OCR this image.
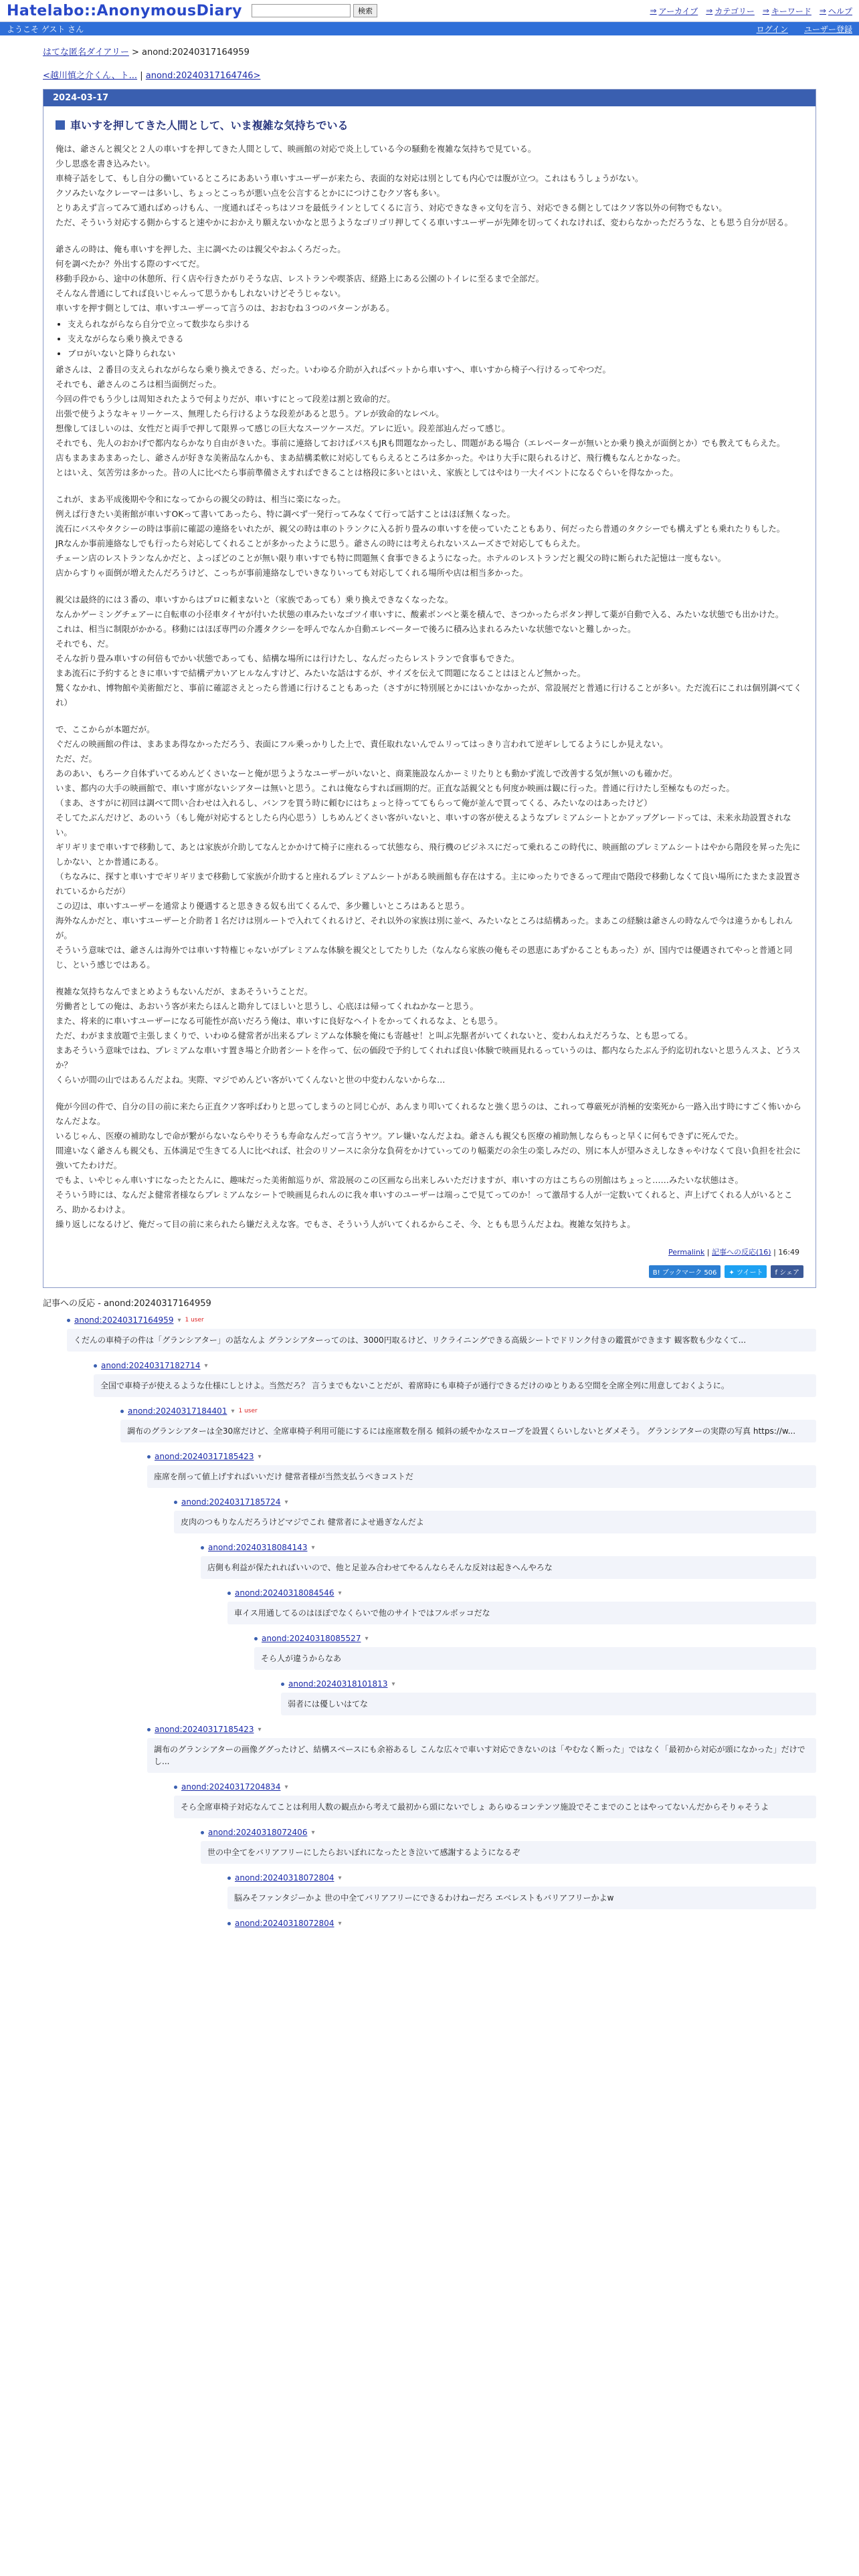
Hatelabo::AnonymousDiary	検索	⇒ アーカイブ ⇒ カテゴリー ⇒ キーワード ⇒ ヘルプ
ようこそ ゲスト さん	ログイン ユーザー登録
はてな匿名ダイアリー > anond:20240317164959
<越川慎之介くん、ト... | anond:20240317164746>
2024-03-17
車いすを押してきた人間として、いま複雑な気持ちでいる

俺は、爺さんと親父と２人の車いすを押してきた人間として、映画館の対応で炎上している今の騒動を複雑な気持ちで見ている。

少し思惑を書き込みたい。

車椅子話をして、もし自分の働いているところにああいう車いすユーザーが来たら、表面的な対応は別としても内心では腹が立つ。これはもうしょうがない。

クソみたいなクレーマーは多いし、ちょっとこっちが悪い点を公言するとかににつけこむクソ客も多い。

とりあえず言ってみて通ればめっけもん、一度通ればそっちはソコを最低ラインとしてくるに言う、対応できなきゃ文句を言う、対応できる側としてはクソ客以外の何物でもない。

ただ、そういう対応する側からすると速やかにおかえり願えないかなと思うようなゴリゴリ押してくる車いすユーザーが先陣を切ってくれなければ、変わらなかっただろうな、とも思う自分が居る。

爺さんの時は、俺も車いすを押した、主に調べたのは親父やおふくろだった。

何を調べたか？外出する際のすべてだ。

移動手段から、途中の休憩所、行く店や行きたがりそうな店、レストランや喫茶店、経路上にある公園のトイレに至るまで全部だ。

そんなん普通にしてれば良いじゃんって思うかもしれないけどそうじゃない。

車いすを押す側としては、車いすユーザーって言うのは、おおむね３つのパターンがある。

• 支えられながらなら自分で立って数歩なら歩ける
• 支えながらなら乗り換えできる
• ブロがいないと降りられない

爺さんは、２番目の支えられながらなら乗り換えできる、だった。いわゆる介助が入ればベットから車いすへ、車いすから椅子へ行けるってやつだ。

それでも、爺さんのころは相当面倒だった。

今回の件でもう少しは周知されたようで何よりだが、車いすにとって段差は割と致命的だ。

出張で使うようなキャリーケース、無理したら行けるような段差があると思う。アレが致命的なレベル。

想像してほしいのは、女性だと両手で押して限界って感じの巨大なスーツケースだ。アレに近い。段差部辿んだって感じ。

それでも、先人のおかげで都内ならかなり自由がきいた。事前に連絡しておけばバスもJRも問題なかったし、問題がある場合（エレベーターが無いとか乗り換えが面倒とか）でも教えてもらえた。

店もまあまあまあったし、爺さんが好きな美術品なんかも、まあ結構柔軟に対応してもらえるところは多かった。やはり大手に限られるけど、飛行機もなんとかなった。

とはいえ、気苦労は多かった。昔の人に比べたら事前準備さえすればできることは格段に多いとはいえ、家族としてはやはり一大イベントになるぐらいを得なかった。

これが、まあ平成後期や令和になってからの親父の時は、相当に楽になった。

例えば行きたい美術館が車いすOKって書いてあったら、特に調べず一発行ってみなくて行って話すことはほぼ無くなった。

流石にバスやタクシーの時は事前に確認の連絡をいれたが、親父の時は車のトランクに入る折り畳みの車いすを使っていたこともあり、何だったら普通のタクシーでも構えずとも乗れたりもした。

JRなんか事前連絡なしでも行ったら対応してくれることが多かったように思う。爺さんの時には考えられないスムーズさで対応してもらえた。

チェーン店のレストランなんかだと、よっぽどのことが無い限り車いすでも特に問題無く食事できるようになった。ホテルのレストランだと親父の時に断られた記憶は一度もない。

店からすりゃ面倒が増えたんだろうけど、こっちが事前連絡なしでいきなりいっても対応してくれる場所や店は相当多かった。

親父は最終的には３番の、車いすからはプロに頼まないと（家族であっても）乗り換えできなくなったな。

なんかゲーミングチェアーに自転車の小径車タイヤが付いた状態の車みたいなゴツイ車いすに、酸素ボンベと薬を積んで、さつかったらボタン押して薬が自動で入る、みたいな状態でも出かけた。

これは、相当に制限がかかる。移動にはほぼ専門の介護タクシーを呼んでなんか自動エレベーターで後ろに積み込まれるみたいな状態でないと難しかった。

それでも、だ。

そんな折り畳み車いすの何倍もでかい状態であっても、結構な場所には行けたし、なんだったらレストランで食事もできた。

まあ流石に予約するときに車いすで結構デカいアヒルなんすけど、みたいな話はするが、サイズを伝えて問題になることはほとんど無かった。

驚くなかれ、博物館や美術館だと、事前に確認さえとったら普通に行けることもあった（さすがに特別展とかにはいかなかったが、常設展だと普通に行けることが多い。ただ流石にこれは個別調べてくれ）

で、ここからが本題だが。

ぐだんの映画館の件は、まあまあ得なかっただろう、表面にフル乗っかりした上で、責任取れないんでムリってはっきり言われて逆ギレしてるようにしか見えない。

ただ、だ。

あのあい、もろーク自体ずいてるめんどくさいなーと俺が思うようなユーザーがいないと、商業施設なんかーミリたりとも動かず流しで改善する気が無いのも確かだ。

いま、都内の大手の映画館で、車いす席がないシアターは無いと思う。これは俺ならすれば画期的だ。正直な話親父とも何度か映画は観に行った。普通に行けたし至極なものだった。

（まあ、さすがに初回は調べて問い合わせは入れるし、バンフを買う時に頼むにはちょっと待っててもらって俺が並んで買ってくる、みたいなのはあったけど）

そしてたぶんだけど、あのいう（もし俺が対応するとしたら内心思う）しちめんどくさい客がいないと、車いすの客が使えるようなプレミアムシートとかアップグレードっては、未来永劫設置されない。

ギリギリまで車いすで移動して、あとは家族が介助してなんとかかけて椅子に座れるって状態なら、飛行機のビジネスにだって乗れるこの時代に、映画館のプレミアムシートはやから階段を昇った先にしかない、とか普通にある。

（ちなみに、探すと車いすでギリギリまで移動して家族が介助すると座れるプレミアムシートがある映画館も存在はする。主にゆったりできるって理由で階段で移動しなくて良い場所にたまたま設置されているからだが）

この辺は、車いすユーザーを通常より優遇すると思ききる奴も出てくるんで、多少難しいところはあると思う。

海外なんかだと、車いすユーザーと介助者１名だけは別ルートで入れてくれるけど、それ以外の家族は別に並べ、みたいなところは結構あった。まあこの経験は爺さんの時なんで今は違うかもしれんが。

そういう意味では、爺さんは海外では車いす特権じゃないがプレミアムな体験を親父としてたりした（なんなら家族の俺もその恩恵にあずかることもあった）が、国内では優遇されてやっと普通と同じ、という感じではある。

複雑な気持ちなんでまとめようもないんだが、まあそういうことだ。

労働者としての俺は、あおいう客が来たらほんと勘弁してほしいと思うし、心底ほは帰ってくれねかなーと思う。

また、将来的に車いすユーザーになる可能性が高いだろう俺は、車いすに良好なヘイトをかってくれるなよ、とも思う。

ただ、わがまま放題で主張しまくりで、いわゆる健常者が出来るプレミアムな体験を俺にも寄越せ！と叫ぶ先駆者がいてくれないと、変わんねえだろうな、とも思ってる。

まあそういう意味ではね、プレミアムな車いす置き場と介助者シートを作って、伝の価段で予約してくれれば良い体験で映画見れるっていうのは、都内ならたぶん予約迄切れないと思うんスよ、どうスか？

くらいが間の山ではあるんだよね。実際、マジでめんどい客がいてくんないと世の中変わんないからな…

俺が今回の件で、自分の目の前に来たら正直クソ客呼ばわりと思ってしまうのと同じ心が、あんまり叩いてくれるなと強く思うのは、これって尊厳死が消極的安楽死から一路入出す時にすごく怖いからなんだよな。

いるじゃん、医療の補助なしで命が繋がらないならやりそうも寿命なんだって言うヤツ。アレ嫌いなんだよね。爺さんも親父も医療の補助無しならもっと早くに何もできずに死んでた。

間違いなく爺さんも親父も、五体満足で生きてる人に比べれば、社会のリソースに余分な負荷をかけていってのり幅薬だの余生の楽しみだの、別に本人が望みさえしなきゃやけなくて良い負担を社会に強いてたわけだ。

でもよ、いやじゃん車いすになったとたんに、趣味だった美術館巡りが、常設展のこの区画なら出来しみいただけますが、車いすの方はこちらの別館はちょっと……みたいな状態はさ。

そういう時には、なんだよ健常者様ならプレミアムなシートで映画見られんのに我々車いすのユーザーは端っこで見てってのか！って激昂する人が一定数いてくれると、声上げてくれる人がいるところ、助かるわけよ。

繰り返しになるけど、俺だって目の前に来られたら嫌だええな客。でもさ、そういう人がいてくれるからこそ、今、ともも思うんだよね。複雑な気持ちよ。

Permalink | 記事への反応(16) | 16:49
B! ブックマーク 506	✦ ツイート	f シェア
記事への反応 - anond:20240317164959
anond:20240317164959 ▾ 1 user
くだんの車椅子の件は「グランシアター」の話なんよ グランシアターってのは、3000円取るけど、リクライニングできる高級シートでドリンク付きの鑑賞ができます 観客数も少なくて...
anond:20240317182714 ▾
全国で車椅子が使えるような仕様にしとけよ。当然だろ？ 言うまでもないことだが、着席時にも車椅子が通行できるだけのゆとりある空間を全席全列に用意しておくように。
anond:20240317184401 ▾ 1 user
調布のグランシアターは全30席だけど、全席車椅子利用可能にするには座席数を削る 傾斜の緩やかなスロープを設置くらいしないとダメそう。 グランシアターの実際の写真 https://w...
anond:20240317185423 ▾
座席を削って値上げすればいいだけ 健常者様が当然支払うべきコストだ
anond:20240317185724 ▾
皮肉のつもりなんだろうけどマジでこれ 健常者によせ過ぎなんだよ
anond:20240318084143 ▾
店側も利益が保たれればいいので、他と足並み合わせてやるんならそんな反対は起きへんやろな
anond:20240318084546 ▾
車イス用通してるのはほぼでなくらいで他のサイトではフルボッコだな
anond:20240318085527 ▾
そら人が違うからなあ
anond:20240318101813 ▾
弱者には優しいはてな
anond:20240317185423 ▾
調布のグランシアターの画像ググったけど、結構スペースにも余裕あるし こんな広々で車いす対応できないのは「やむなく断った」ではなく「最初から対応が頭になかった」だけでし...
anond:20240317204834 ▾
そら全席車椅子対応なんてことは利用人数の観点から考えて最初から頭にないでしょ あらゆるコンテンツ施設でそこまでのことはやってないんだからそりゃそうよ
anond:20240318072406 ▾
世の中全てをバリアフリーにしたらおいぼれになったとき泣いて感謝するようになるぞ
anond:20240318072804 ▾
脳みそファンタジーかよ 世の中全てバリアフリーにできるわけねーだろ エベレストもバリアフリーかよw
anond:20240318072804 ▾
